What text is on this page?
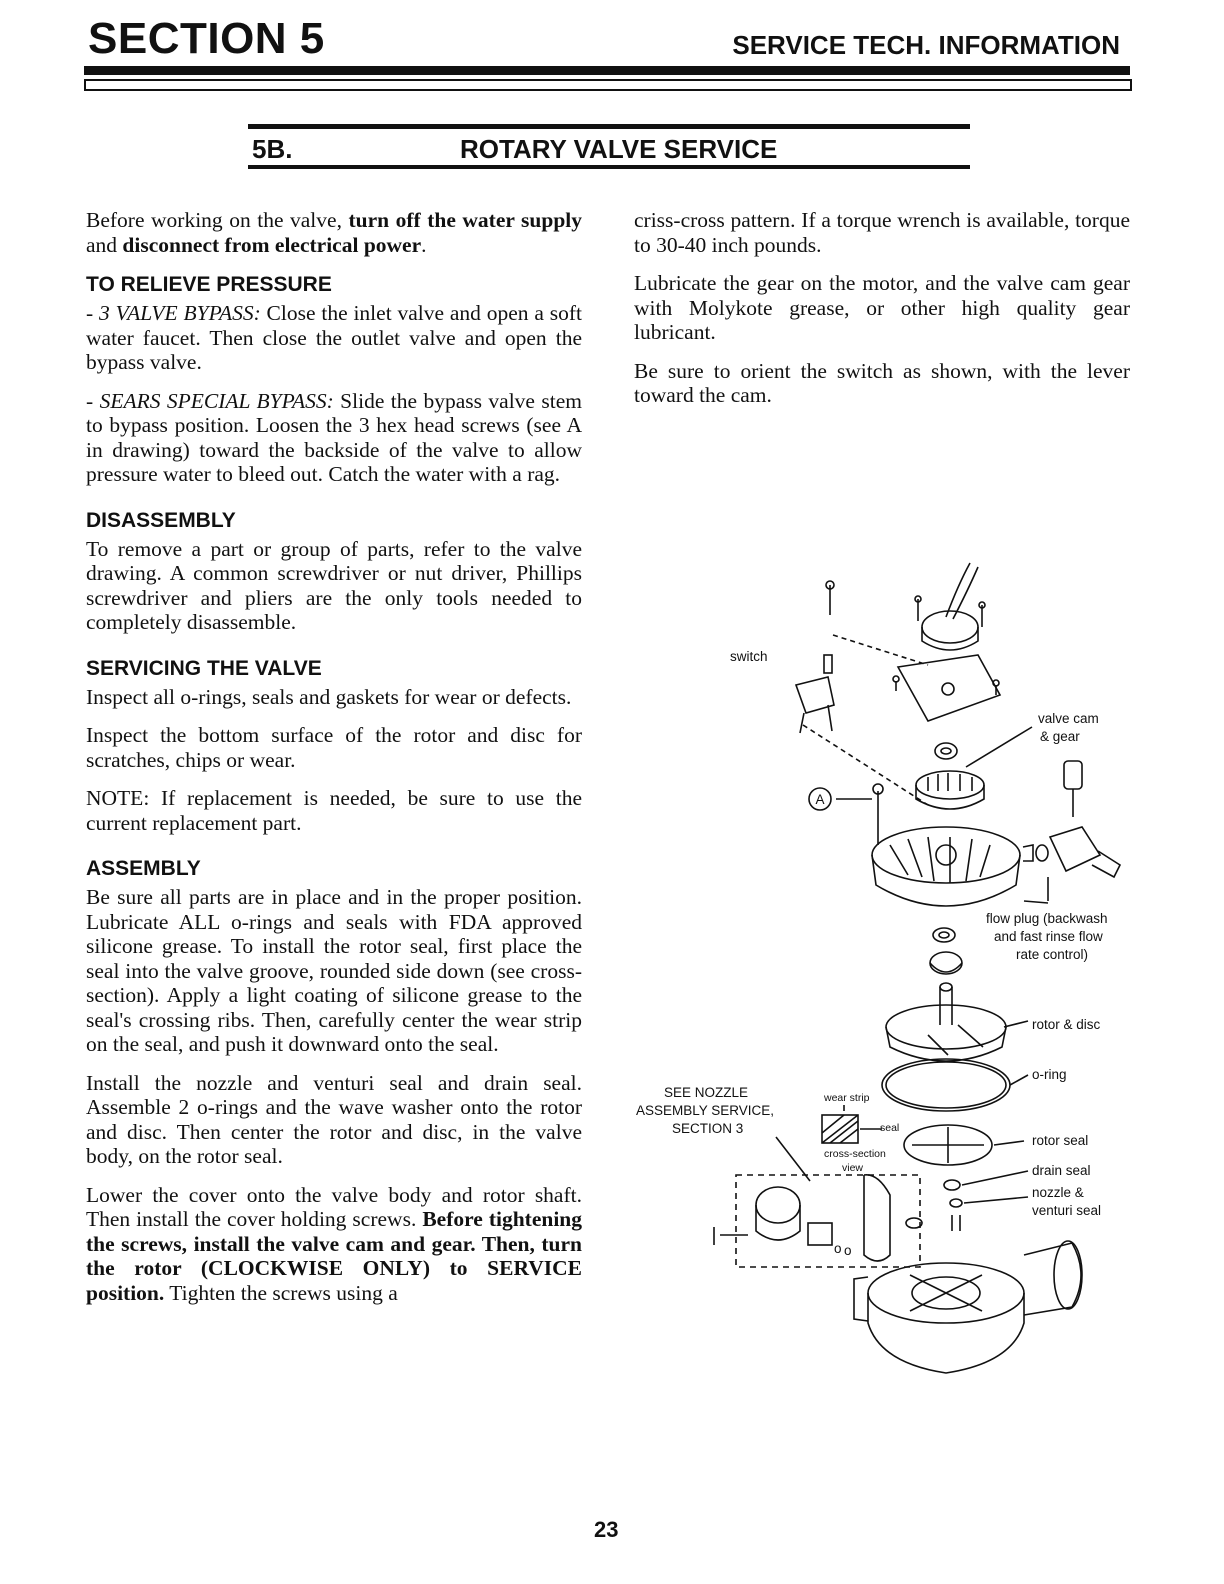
SECTION 5	SERVICE TECH. INFORMATION
5B.	ROTARY VALVE SERVICE

Before working on the valve, turn off the water supply and disconnect from electrical power.

TO RELIEVE PRESSURE

- 3 VALVE BYPASS: Close the inlet valve and open a soft water faucet. Then close the outlet valve and open the bypass valve.

- SEARS SPECIAL BYPASS: Slide the bypass valve stem to bypass position. Loosen the 3 hex head screws (see A in drawing) toward the backside of the valve to allow pressure water to bleed out. Catch the water with a rag.

DISASSEMBLY

To remove a part or group of parts, refer to the valve drawing. A common screwdriver or nut driver, Phillips screwdriver and pliers are the only tools needed to completely disassemble.

SERVICING THE VALVE

Inspect all o-rings, seals and gaskets for wear or defects.

Inspect the bottom surface of the rotor and disc for scratches, chips or wear.

NOTE: If replacement is needed, be sure to use the current replacement part.

ASSEMBLY

Be sure all parts are in place and in the proper position. Lubricate ALL o-rings and seals with FDA approved silicone grease. To install the rotor seal, first place the seal into the valve groove, rounded side down (see cross-section). Apply a light coating of silicone grease to the seal's crossing ribs. Then, carefully center the wear strip on the seal, and push it downward onto the seal.

Install the nozzle and venturi seal and drain seal. Assemble 2 o-rings and the wave washer onto the rotor and disc. Then center the rotor and disc, in the valve body, on the rotor seal.

Lower the cover onto the valve body and rotor shaft. Then install the cover holding screws. Before tightening the screws, install the valve cam and gear. Then, turn the rotor (CLOCKWISE ONLY) to SERVICE position. Tighten the screws using a

criss-cross pattern. If a torque wrench is available, torque to 30-40 inch pounds.

Lubricate the gear on the motor, and the valve cam gear with Molykote grease, or other high quality gear lubricant.

Be sure to orient the switch as shown, with the lever toward the cam.

o o
A
switch
valve cam
& gear
flow plug (backwash
and fast rinse flow
rate control)
rotor & disc
o-ring
SEE NOZZLE
ASSEMBLY SERVICE,
SECTION 3
wear strip
seal
cross-section
view
rotor seal
drain seal
nozzle &
venturi seal
23
